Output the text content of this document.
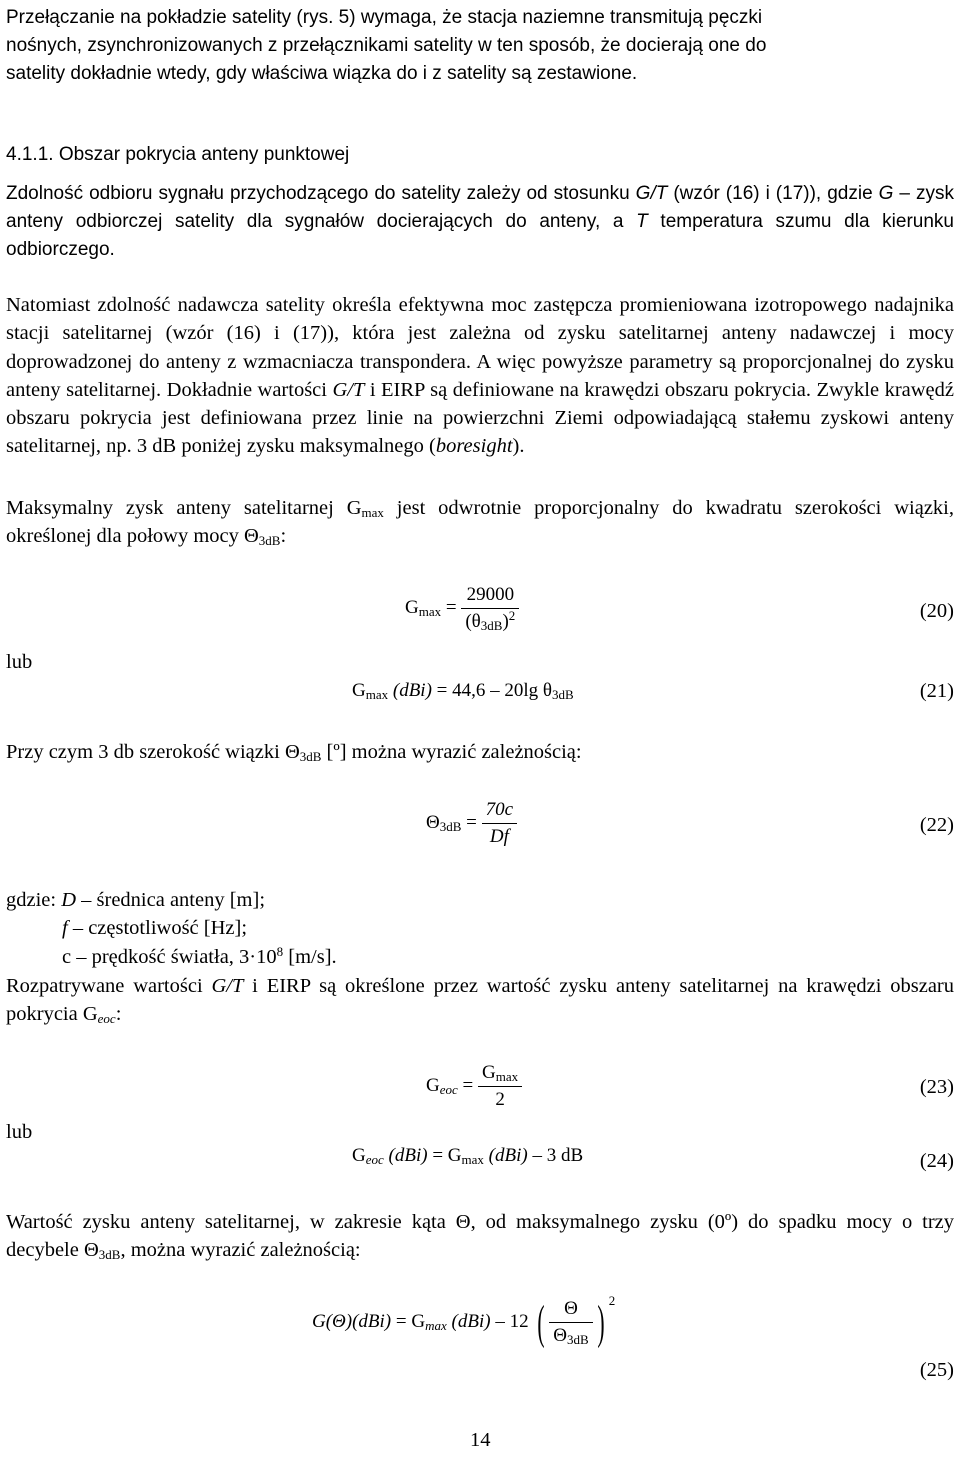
Przełączanie na pokładzie satelity (rys. 5) wymaga, że stacja naziemne transmitują pęczki

nośnych, zsynchronizowanych z przełącznikami satelity w ten sposób, że docierają one do

satelity dokładnie wtedy, gdy właściwa wiązka do i z satelity są zestawione.

4.1.1. Obszar pokrycia anteny punktowej
Zdolność odbioru sygnału przychodzącego do satelity zależy od stosunku G/T (wzór (16) i (17)), gdzie G – zysk anteny odbiorczej satelity dla sygnałów docierających do anteny, a T temperatura szumu dla kierunku odbiorczego.
Natomiast zdolność nadawcza satelity określa efektywna moc zastępcza promieniowana izotropowego nadajnika stacji satelitarnej (wzór (16) i (17)), która jest zależna od zysku satelitarnej anteny nadawczej i mocy doprowadzonej do anteny z wzmacniacza transpondera. A więc powyższe parametry są proporcjonalnej do zysku anteny satelitarnej. Dokładnie wartości G/T i EIRP są definiowane na krawędzi obszaru pokrycia. Zwykle krawędź obszaru pokrycia jest definiowana przez linie na powierzchni Ziemi odpowiadającą stałemu zyskowi anteny satelitarnej, np. 3 dB poniżej zysku maksymalnego (boresight).
Maksymalny zysk anteny satelitarnej $G_{max}$ jest odwrotnie proporcjonalny do kwadratu szerokości wiązki, określonej dla połowy mocy $\Theta_{3dB}$:
$G_{max} = \frac{29000}{(\theta_{3dB})^2}$	(20)
lub
$G_{max}$ (dBi) = 44,6 – 20lg $\theta_{3dB}$	(21)
Przy czym 3 db szerokość wiązki $\Theta_{3dB}$ [º] można wyrazić zależnością:
$\Theta_{3dB} = \frac{70c}{Df}$	(22)

gdzie: D – średnica anteny [m];

f – częstotliwość [Hz];

c – prędkość światła, $3\cdot 10^8$ [m/s].

Rozpatrywane wartości G/T i EIRP są określone przez wartość zysku anteny satelitarnej na krawędzi obszaru pokrycia $G_{eoc}$:
$G_{eoc} = \frac{G_{max}}{2}$	(23)
lub
$G_{eoc}$ $(dBi) = G_{max}$ (dBi) – 3 dB	(24)
Wartość zysku anteny satelitarnej, w zakresie kąta Θ, od maksymalnego zysku (0º) do spadku mocy o trzy decybele $\Theta_{3dB}$, można wyrazić zależnością:
$G(\Theta)(dBi) = G_{max}$ (dBi) – 12 ( $\frac{\Theta}{\Theta_{3dB}}$ ) $^2$
(25)
14
